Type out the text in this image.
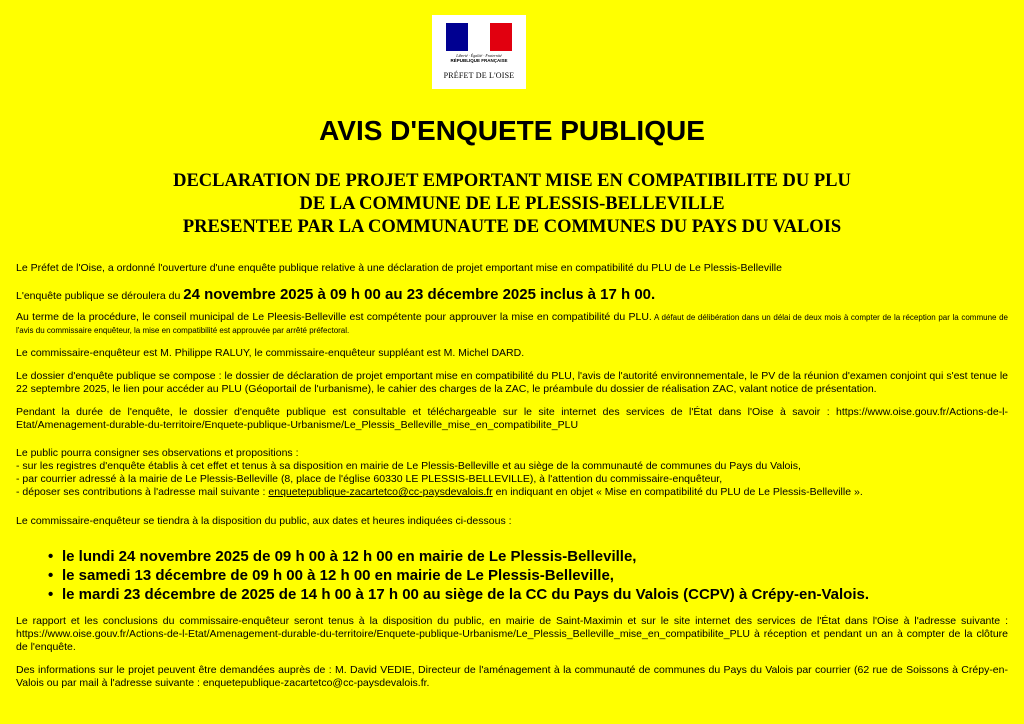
Liberté · Égalité · Fraternité
RÉPUBLIQUE FRANÇAISE
PRÉFET DE L'OISE
AVIS D'ENQUETE PUBLIQUE
DECLARATION DE PROJET EMPORTANT MISE EN COMPATIBILITE DU PLU
DE LA COMMUNE DE LE PLESSIS-BELLEVILLE
PRESENTEE PAR LA COMMUNAUTE DE COMMUNES DU PAYS DU VALOIS

Le Préfet de l'Oise, a ordonné l'ouverture d'une enquête publique relative à une déclaration de projet emportant mise en compatibilité du PLU de Le Plessis-Belleville

L'enquête publique se déroulera du 24 novembre 2025 à 09 h 00 au 23 décembre 2025 inclus à 17 h 00.

Au terme de la procédure, le conseil municipal de Le Pleesis-Belleville est compétente pour approuver la mise en compatibilité du PLU. A défaut de délibération dans un délai de deux mois à compter de la réception par la commune de l'avis du commissaire enquêteur, la mise en compatibilité est approuvée par arrêté préfectoral.

Le commissaire-enquêteur est M. Philippe RALUY, le commissaire-enquêteur suppléant est M. Michel DARD.

Le dossier d'enquête publique se compose : le dossier de déclaration de projet emportant mise en compatibilité du PLU, l'avis de l'autorité environnementale, le PV de la réunion d'examen conjoint qui s'est tenue le 22 septembre 2025, le lien pour accéder au PLU (Géoportail de l'urbanisme), le cahier des charges de la ZAC, le préambule du dossier de réalisation ZAC, valant notice de présentation.

Pendant la durée de l'enquête, le dossier d'enquête publique est consultable et téléchargeable sur le site internet des services de l'État dans l'Oise à savoir : https://www.oise.gouv.fr/Actions-de-l-Etat/Amenagement-durable-du-territoire/Enquete-publique-Urbanisme/Le_Plessis_Belleville_mise_en_compatibilite_PLU

Le public pourra consigner ses observations et propositions :

- sur les registres d'enquête établis à cet effet et tenus à sa disposition en mairie de Le Plessis-Belleville et au siège de la communauté de communes du Pays du Valois,

- par courrier adressé à la mairie de Le Plessis-Belleville (8, place de l'église 60330 LE PLESSIS-BELLEVILLE), à l'attention du commissaire-enquêteur,

- déposer ses contributions à l'adresse mail suivante : enquetepublique-zacartetco@cc-paysdevalois.fr en indiquant en objet « Mise en compatibilité du PLU de Le Plessis-Belleville ».

Le commissaire-enquêteur se tiendra à la disposition du public, aux dates et heures indiquées ci-dessous :

• le lundi 24 novembre 2025 de 09 h 00 à 12 h 00 en mairie de Le Plessis-Belleville,
• le samedi 13 décembre de 09 h 00 à 12 h 00 en mairie de Le Plessis-Belleville,
• le mardi 23 décembre de 2025 de 14 h 00 à 17 h 00 au siège de la CC du Pays du Valois (CCPV) à Crépy-en-Valois.

Le rapport et les conclusions du commissaire-enquêteur seront tenus à la disposition du public, en mairie de Saint-Maximin et sur le site internet des services de l'État dans l'Oise à l'adresse suivante : https://www.oise.gouv.fr/Actions-de-l-Etat/Amenagement-durable-du-territoire/Enquete-publique-Urbanisme/Le_Plessis_Belleville_mise_en_compatibilite_PLU à réception et pendant un an à compter de la clôture de l'enquête.

Des informations sur le projet peuvent être demandées auprès de : M. David VEDIE, Directeur de l'aménagement à la communauté de communes du Pays du Valois par courrier (62 rue de Soissons à Crépy-en-Valois ou par mail à l'adresse suivante : enquetepublique-zacartetco@cc-paysdevalois.fr.
